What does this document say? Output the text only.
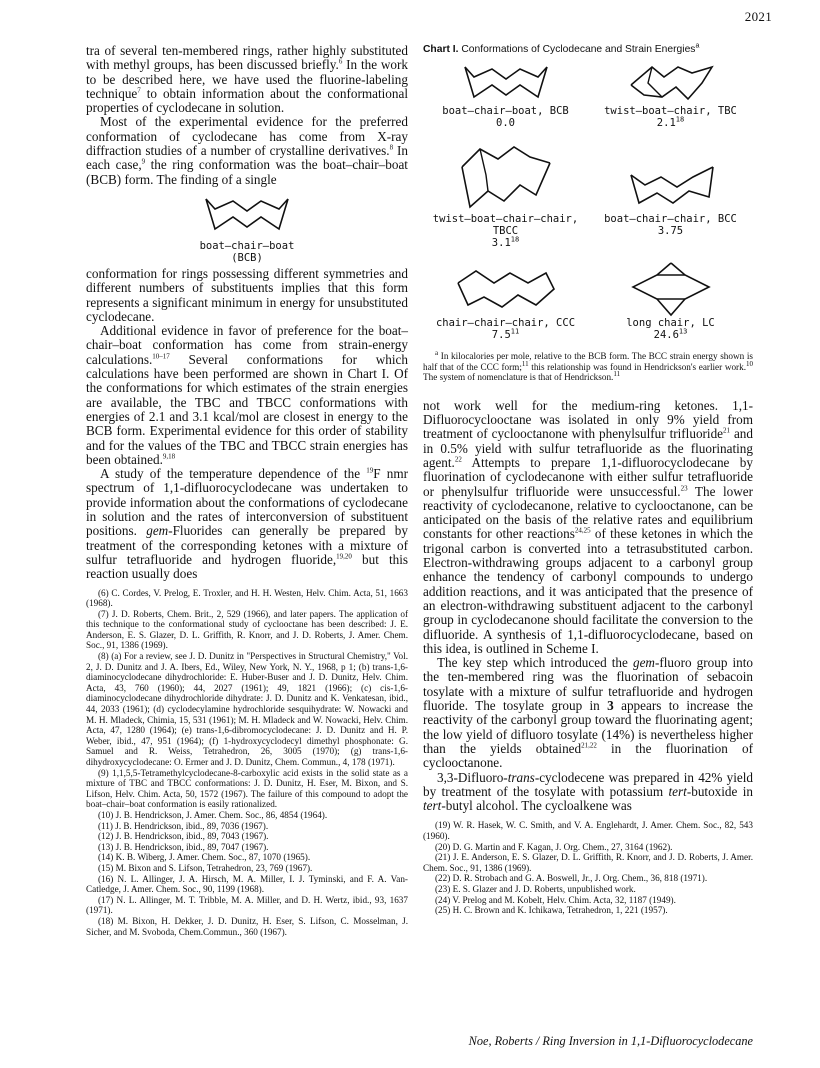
2021

tra of several ten-membered rings, rather highly substituted with methyl groups, has been discussed briefly.$^6$ In the work to be described here, we have used the fluorine-labeling technique$^7$ to obtain information about the conformational properties of cyclodecane in solution.

Most of the experimental evidence for the preferred conformation of cyclodecane has come from X-ray diffraction studies of a number of crystalline derivatives.$^8$ In each case,$^9$ the ring conformation was the boat–chair–boat (BCB) form. The finding of a single

boat–chair–boat
(BCB)

conformation for rings possessing different symmetries and different numbers of substituents implies that this form represents a significant minimum in energy for unsubstituted cyclodecane.

Additional evidence in favor of preference for the boat–chair–boat conformation has come from strain-energy calculations.$^{10-17}$ Several conformations for which calculations have been performed are shown in Chart I. Of the conformations for which estimates of the strain energies are available, the TBC and TBCC conformations with energies of 2.1 and 3.1 kcal/mol are closest in energy to the BCB form. Experimental evidence for this order of stability and for the values of the TBC and TBCC strain energies has been obtained.$^{9,18}$

A study of the temperature dependence of the $^{19}$F nmr spectrum of 1,1-difluorocyclodecane was undertaken to provide information about the conformations of cyclodecane in solution and the rates of interconversion of substituent positions. gem-Fluorides can generally be prepared by treatment of the corresponding ketones with a mixture of sulfur tetrafluoride and hydrogen fluoride,$^{19,20}$ but this reaction usually does

(6) C. Cordes, V. Prelog, E. Troxler, and H. H. Westen, Helv. Chim. Acta, 51, 1663 (1968).

(7) J. D. Roberts, Chem. Brit., 2, 529 (1966), and later papers. The application of this technique to the conformational study of cyclooctane has been described: J. E. Anderson, E. S. Glazer, D. L. Griffith, R. Knorr, and J. D. Roberts, J. Amer. Chem. Soc., 91, 1386 (1969).

(8) (a) For a review, see J. D. Dunitz in "Perspectives in Structural Chemistry," Vol. 2, J. D. Dunitz and J. A. Ibers, Ed., Wiley, New York, N. Y., 1968, p 1; (b) trans-1,6-diaminocyclodecane dihydrochloride: E. Huber-Buser and J. D. Dunitz, Helv. Chim. Acta, 43, 760 (1960); 44, 2027 (1961); 49, 1821 (1966); (c) cis-1,6-diaminocyclodecane dihydrochloride dihydrate: J. D. Dunitz and K. Venkatesan, ibid., 44, 2033 (1961); (d) cyclodecylamine hydrochloride sesquihydrate: W. Nowacki and M. H. Mladeck, Chimia, 15, 531 (1961); M. H. Mladeck and W. Nowacki, Helv. Chim. Acta, 47, 1280 (1964); (e) trans-1,6-dibromocyclodecane: J. D. Dunitz and H. P. Weber, ibid., 47, 951 (1964); (f) 1-hydroxycyclodecyl dimethyl phosphonate: G. Samuel and R. Weiss, Tetrahedron, 26, 3005 (1970); (g) trans-1,6-dihydroxycyclodecane: O. Ermer and J. D. Dunitz, Chem. Commun., 4, 178 (1971).

(9) 1,1,5,5-Tetramethylcyclodecane-8-carboxylic acid exists in the solid state as a mixture of TBC and TBCC conformations: J. D. Dunitz, H. Eser, M. Bixon, and S. Lifson, Helv. Chim. Acta, 50, 1572 (1967). The failure of this compound to adopt the boat–chair–boat conformation is easily rationalized.

(10) J. B. Hendrickson, J. Amer. Chem. Soc., 86, 4854 (1964).

(11) J. B. Hendrickson, ibid., 89, 7036 (1967).

(12) J. B. Hendrickson, ibid., 89, 7043 (1967).

(13) J. B. Hendrickson, ibid., 89, 7047 (1967).

(14) K. B. Wiberg, J. Amer. Chem. Soc., 87, 1070 (1965).

(15) M. Bixon and S. Lifson, Tetrahedron, 23, 769 (1967).

(16) N. L. Allinger, J. A. Hirsch, M. A. Miller, I. J. Tyminski, and F. A. Van-Catledge, J. Amer. Chem. Soc., 90, 1199 (1968).

(17) N. L. Allinger, M. T. Tribble, M. A. Miller, and D. H. Wertz, ibid., 93, 1637 (1971).

(18) M. Bixon, H. Dekker, J. D. Dunitz, H. Eser, S. Lifson, C. Mosselman, J. Sicher, and M. Svoboda, Chem.Commun., 360 (1967).

Chart I. Conformations of Cyclodecane and Strain Energies$^a$
boat–chair–boat, BCB
0.0
twist–boat–chair, TBC
$2.1^{18}$
twist–boat–chair–chair, TBCC
$3.1^{18}$
boat–chair–chair, BCC
3.75
chair–chair–chair, CCC
$7.5^{11}$
long chair, LC
24.6$^{13}$
$^a$ In kilocalories per mole, relative to the BCB form. The BCC strain energy shown is half that of the CCC form;$^{11}$ this relationship was found in Hendrickson's earlier work.$^{10}$ The system of nomenclature is that of Hendrickson.$^{11}$

not work well for the medium-ring ketones. 1,1-Difluorocyclooctane was isolated in only 9% yield from treatment of cyclooctanone with phenylsulfur trifluoride$^{21}$ and in 0.5% yield with sulfur tetrafluoride as the fluorinating agent.$^{22}$ Attempts to prepare 1,1-difluorocyclodecane by fluorination of cyclodecanone with either sulfur tetrafluoride or phenylsulfur trifluoride were unsuccessful.$^{23}$ The lower reactivity of cyclodecanone, relative to cyclooctanone, can be anticipated on the basis of the relative rates and equilibrium constants for other reactions$^{24,25}$ of these ketones in which the trigonal carbon is converted into a tetrasubstituted carbon. Electron-withdrawing groups adjacent to a carbonyl group enhance the tendency of carbonyl compounds to undergo addition reactions, and it was anticipated that the presence of an electron-withdrawing substituent adjacent to the carbonyl group in cyclodecanone should facilitate the conversion to the difluoride. A synthesis of 1,1-difluorocyclodecane, based on this idea, is outlined in Scheme I.

The key step which introduced the gem-fluoro group into the ten-membered ring was the fluorination of sebacoin tosylate with a mixture of sulfur tetrafluoride and hydrogen fluoride. The tosylate group in 3 appears to increase the reactivity of the carbonyl group toward the fluorinating agent; the low yield of difluoro tosylate (14%) is nevertheless higher than the yields obtained$^{21,22}$ in the fluorination of cyclooctanone.

3,3-Difluoro-trans-cyclodecene was prepared in 42% yield by treatment of the tosylate with potassium tert-butoxide in tert-butyl alcohol. The cycloalkene was

(19) W. R. Hasek, W. C. Smith, and V. A. Englehardt, J. Amer. Chem. Soc., 82, 543 (1960).

(20) D. G. Martin and F. Kagan, J. Org. Chem., 27, 3164 (1962).

(21) J. E. Anderson, E. S. Glazer, D. L. Griffith, R. Knorr, and J. D. Roberts, J. Amer. Chem. Soc., 91, 1386 (1969).

(22) D. R. Strobach and G. A. Boswell, Jr., J. Org. Chem., 36, 818 (1971).

(23) E. S. Glazer and J. D. Roberts, unpublished work.

(24) V. Prelog and M. Kobelt, Helv. Chim. Acta, 32, 1187 (1949).

(25) H. C. Brown and K. Ichikawa, Tetrahedron, 1, 221 (1957).

Noe, Roberts / Ring Inversion in 1,1-Difluorocyclodecane
